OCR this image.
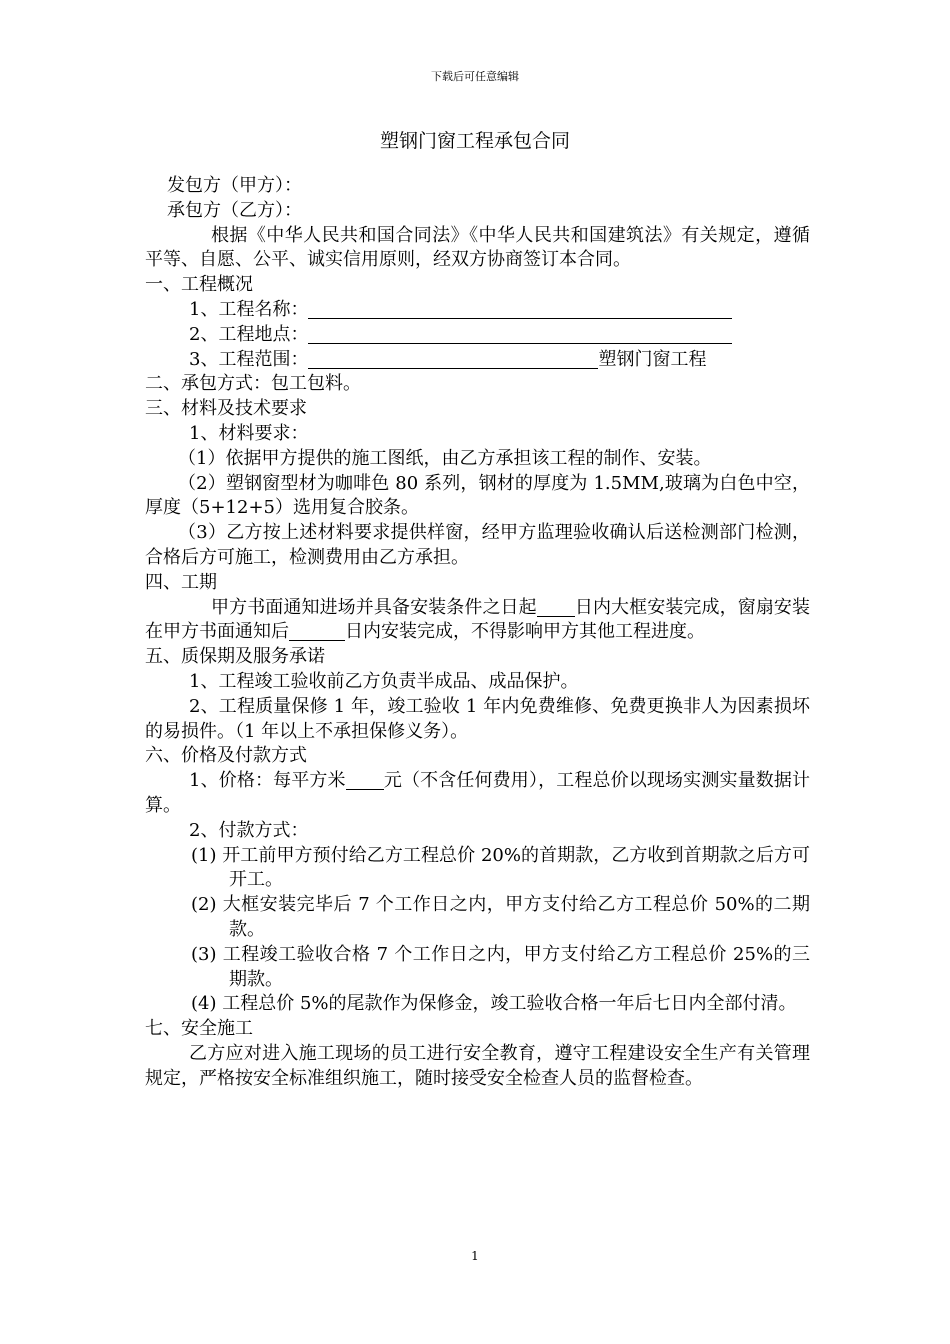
下载后可任意编辑
塑钢门窗工程承包合同

发包方（甲方）：

承包方（乙方）：

根据《中华人民共和国合同法》《中华人民共和国建筑法》有关规定，遵循平等、自愿、公平、诚实信用原则，经双方协商签订本合同。

一、工程概况

1、工程名称：

2、工程地点：

3、工程范围：	塑钢门窗工程

二、承包方式：包工包料。

三、材料及技术要求

1、材料要求：

（1）依据甲方提供的施工图纸，由乙方承担该工程的制作、安装。

（2）塑钢窗型材为咖啡色 80 系列，钢材的厚度为 1.5MM,玻璃为白色中空，厚度（5+12+5）选用复合胶条。

（3）乙方按上述材料要求提供样窗，经甲方监理验收确认后送检测部门检测，合格后方可施工，检测费用由乙方承担。

四、工期

甲方书面通知进场并具备安装条件之日起 日内大框安装完成，窗扇安装在甲方书面通知后	日内安装完成，不得影响甲方其他工程进度。

五、质保期及服务承诺

1、工程竣工验收前乙方负责半成品、成品保护。

2、工程质量保修 1 年，竣工验收 1 年内免费维修、免费更换非人为因素损坏的易损件。（1 年以上不承担保修义务）。

六、价格及付款方式

1、价格：每平方米 元（不含任何费用），工程总价以现场实测实量数据计算。

2、付款方式：

(1) 开工前甲方预付给乙方工程总价 20%的首期款，乙方收到首期款之后方可开工。

(2) 大框安装完毕后 7 个工作日之内，甲方支付给乙方工程总价 50%的二期款。

(3) 工程竣工验收合格 7 个工作日之内，甲方支付给乙方工程总价 25%的三期款。

(4) 工程总价 5%的尾款作为保修金，竣工验收合格一年后七日内全部付清。

七、安全施工

乙方应对进入施工现场的员工进行安全教育，遵守工程建设安全生产有关管理规定，严格按安全标准组织施工，随时接受安全检查人员的监督检查。

1
